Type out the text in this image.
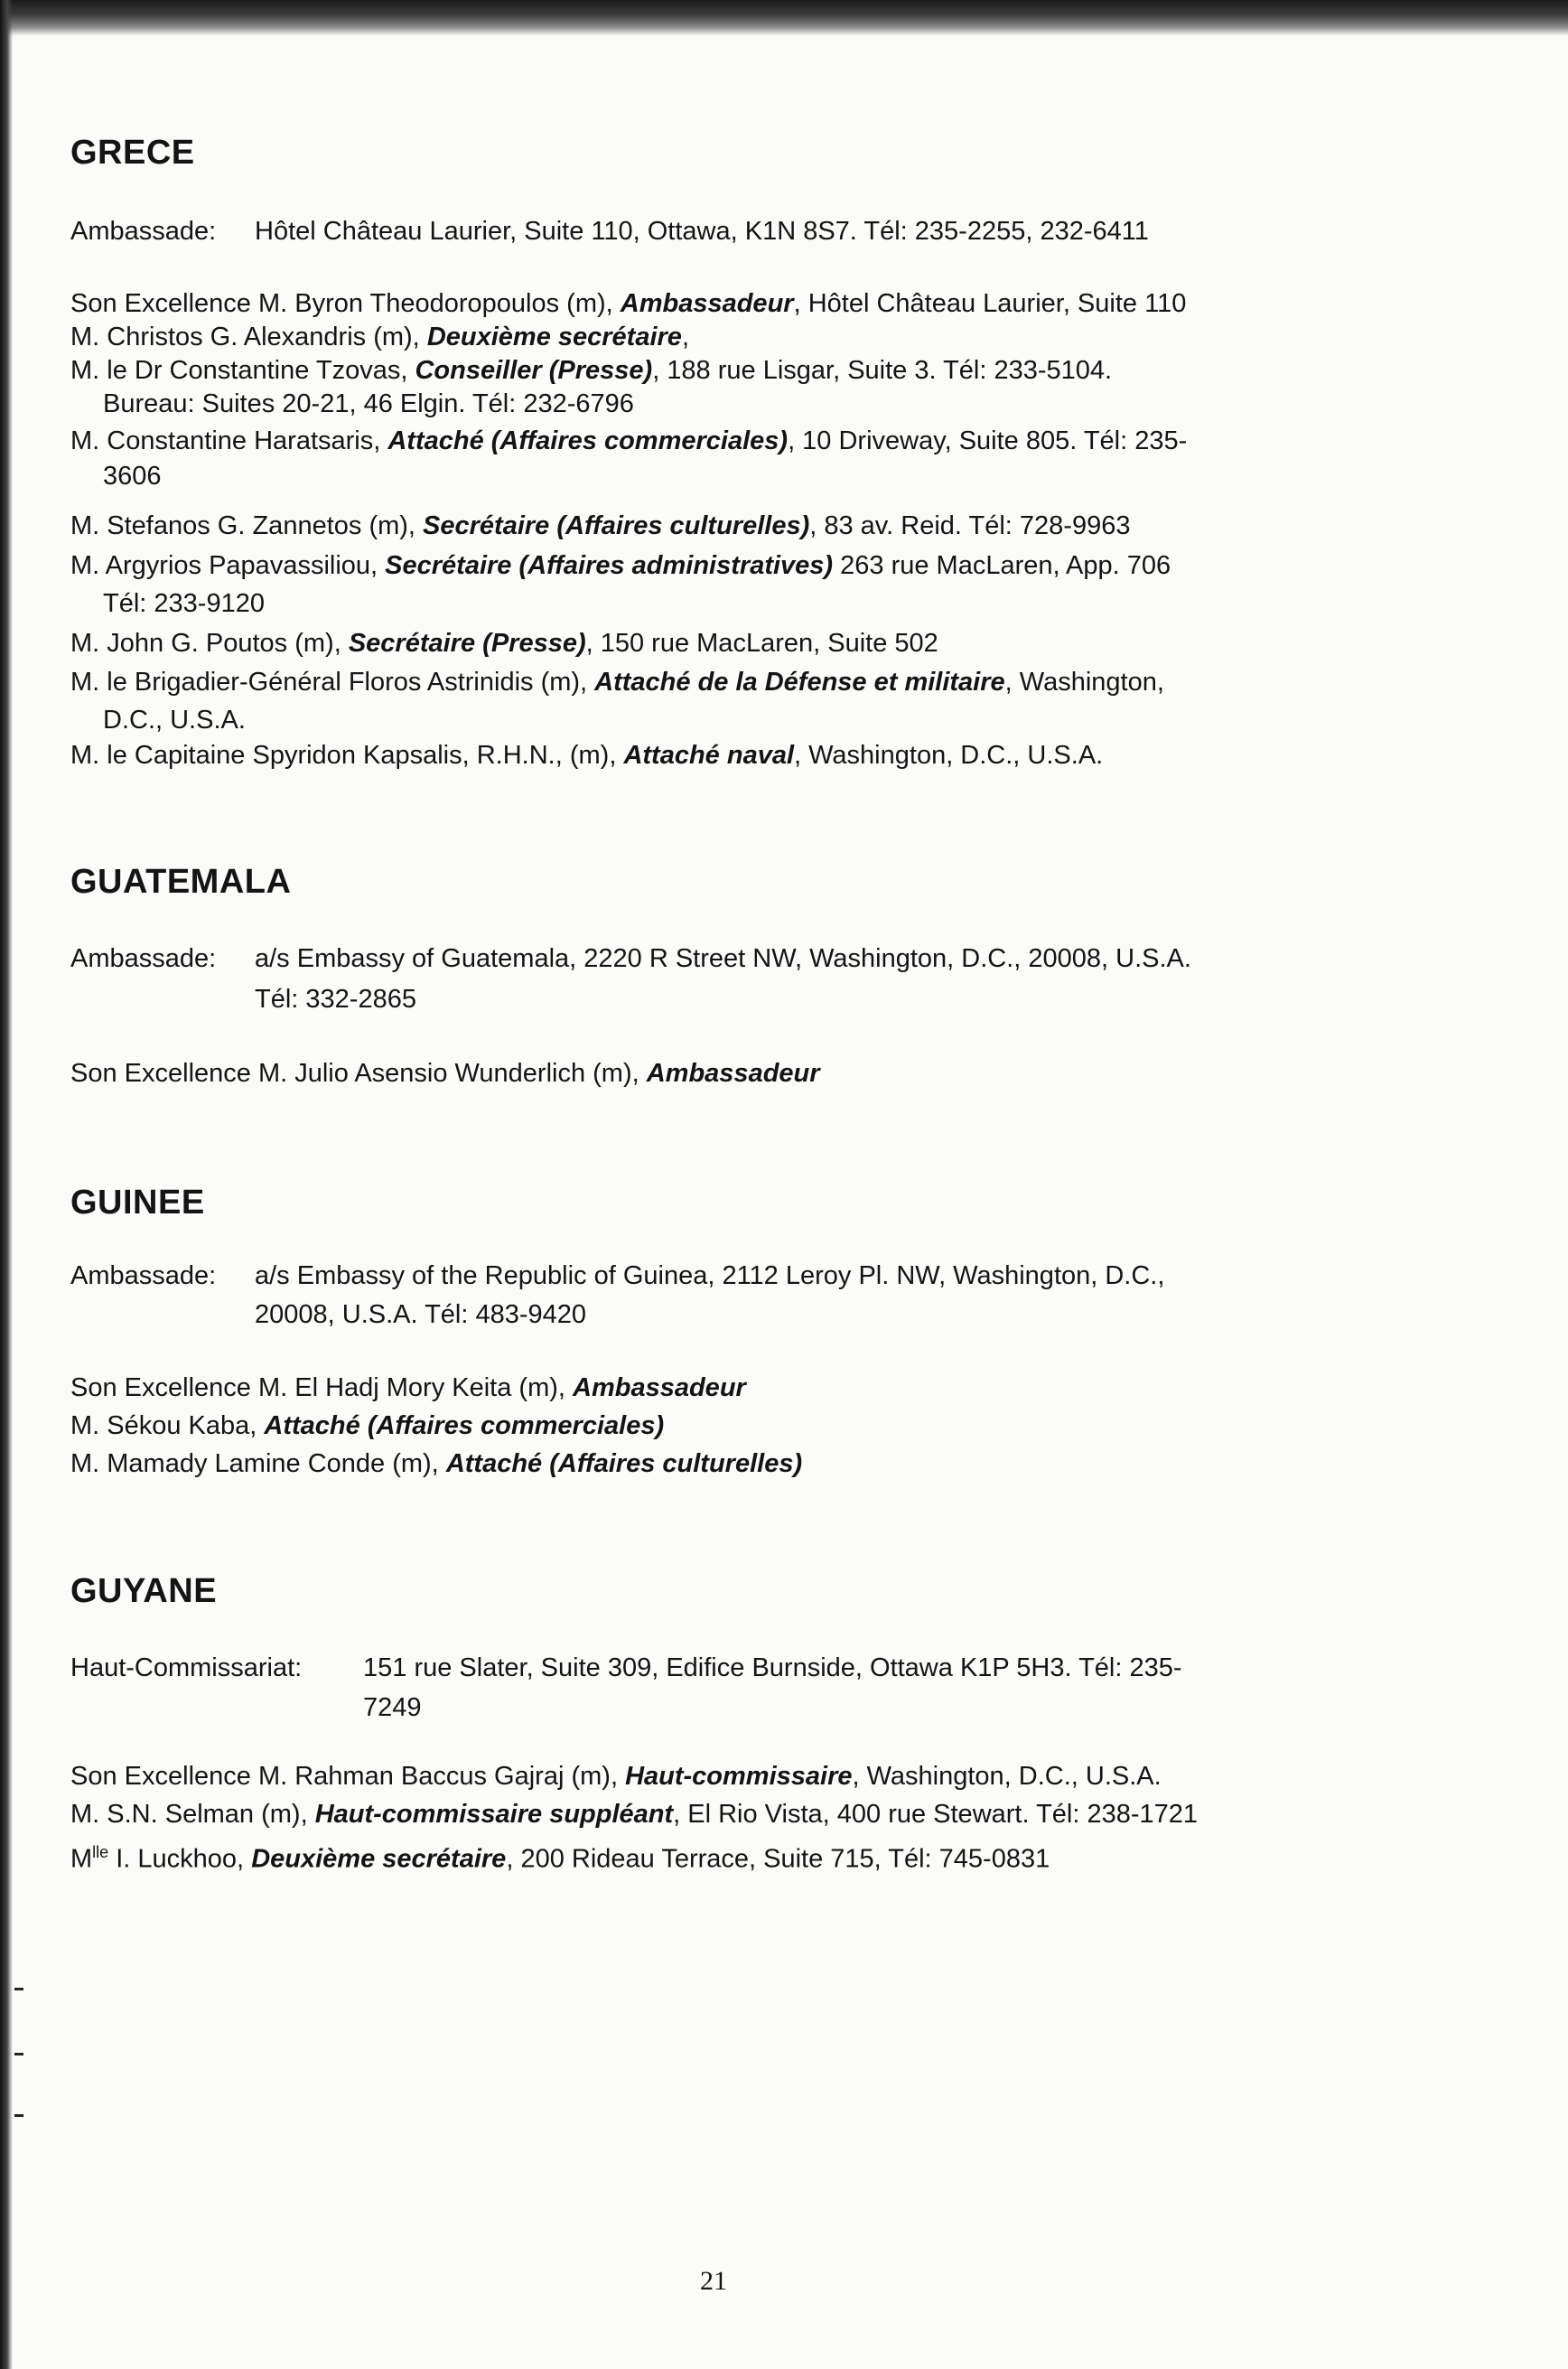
GRECE
Ambassade: Hôtel Château Laurier, Suite 110, Ottawa, K1N 8S7. Tél: 235-2255, 232-6411
Son Excellence M. Byron Theodoropoulos (m), Ambassadeur, Hôtel Château Laurier, Suite 110
M. Christos G. Alexandris (m), Deuxième secrétaire,
M. le Dr Constantine Tzovas, Conseiller (Presse), 188 rue Lisgar, Suite 3. Tél: 233-5104.
Bureau: Suites 20-21, 46 Elgin. Tél: 232-6796
M. Constantine Haratsaris, Attaché (Affaires commerciales), 10 Driveway, Suite 805. Tél: 235-
3606
M. Stefanos G. Zannetos (m), Secrétaire (Affaires culturelles), 83 av. Reid. Tél: 728-9963
M. Argyrios Papavassiliou, Secrétaire (Affaires administratives) 263 rue MacLaren, App. 706
Tél: 233-9120
M. John G. Poutos (m), Secrétaire (Presse), 150 rue MacLaren, Suite 502
M. le Brigadier-Général Floros Astrinidis (m), Attaché de la Défense et militaire, Washington,
D.C., U.S.A.
M. le Capitaine Spyridon Kapsalis, R.H.N., (m), Attaché naval, Washington, D.C., U.S.A.
GUATEMALA
Ambassade: a/s Embassy of Guatemala, 2220 R Street NW, Washington, D.C., 20008, U.S.A.
Tél: 332-2865
Son Excellence M. Julio Asensio Wunderlich (m), Ambassadeur
GUINEE
Ambassade: a/s Embassy of the Republic of Guinea, 2112 Leroy Pl. NW, Washington, D.C.,
20008, U.S.A. Tél: 483-9420
Son Excellence M. El Hadj Mory Keita (m), Ambassadeur
M. Sékou Kaba, Attaché (Affaires commerciales)
M. Mamady Lamine Conde (m), Attaché (Affaires culturelles)
GUYANE
Haut-Commissariat: 151 rue Slater, Suite 309, Edifice Burnside, Ottawa K1P 5H3. Tél: 235-
7249
Son Excellence M. Rahman Baccus Gajraj (m), Haut-commissaire, Washington, D.C., U.S.A.
M. S.N. Selman (m), Haut-commissaire suppléant, El Rio Vista, 400 rue Stewart. Tél: 238-1721
$M^{lle}$ I. Luckhoo, Deuxième secrétaire, 200 Rideau Terrace, Suite 715, Tél: 745-0831
21
